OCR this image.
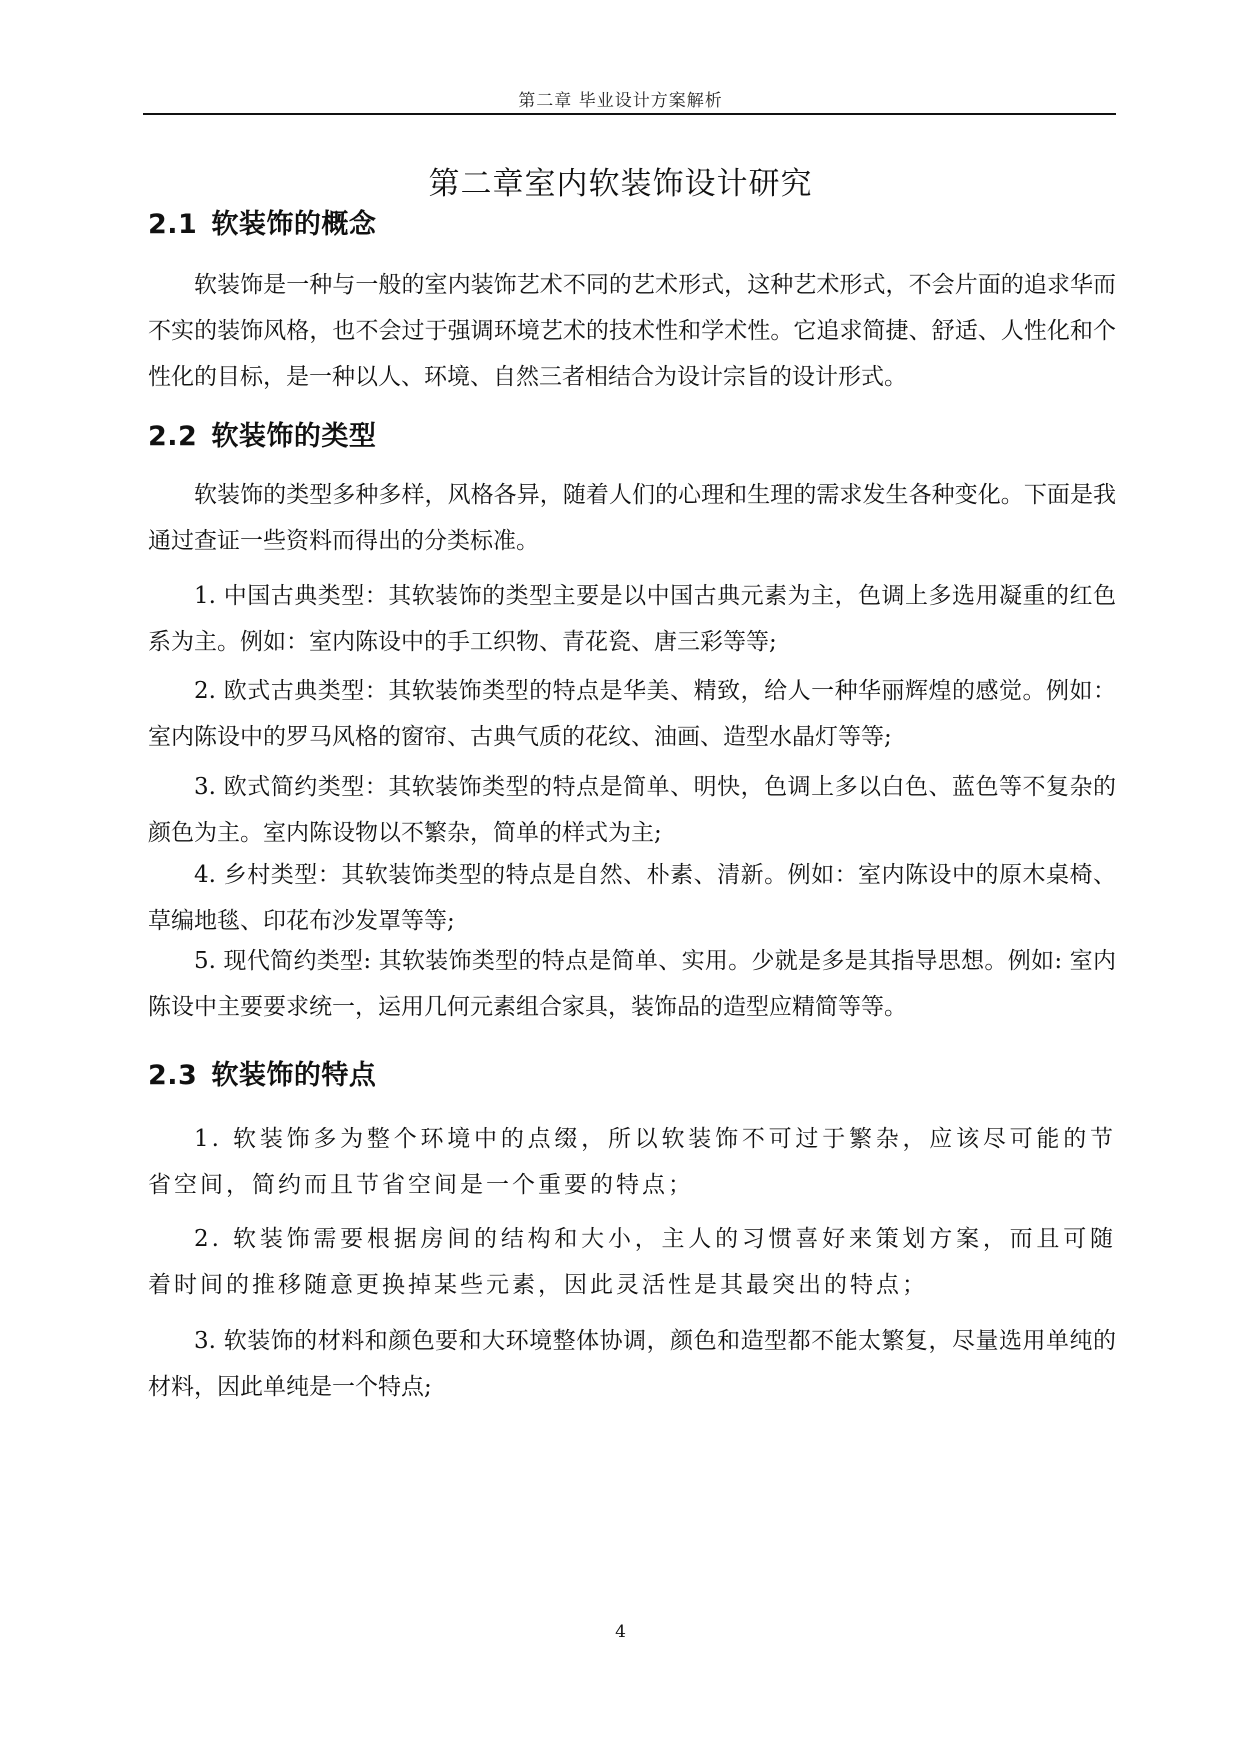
第二章 毕业设计方案解析
第二章室内软装饰设计研究
2.1 软装饰的概念

软装饰是一种与一般的室内装饰艺术不同的艺术形式，这种艺术形式，不会片面的追求华而不实的装饰风格，也不会过于强调环境艺术的技术性和学术性。它追求简捷、舒适、人性化和个性化的目标，是一种以人、环境、自然三者相结合为设计宗旨的设计形式。

2.2 软装饰的类型

软装饰的类型多种多样，风格各异，随着人们的心理和生理的需求发生各种变化。下面是我通过查证一些资料而得出的分类标准。

1. 中国古典类型：其软装饰的类型主要是以中国古典元素为主，色调上多选用凝重的红色系为主。例如：室内陈设中的手工织物、青花瓷、唐三彩等等;

2. 欧式古典类型：其软装饰类型的特点是华美、精致，给人一种华丽辉煌的感觉。例如：室内陈设中的罗马风格的窗帘、古典气质的花纹、油画、造型水晶灯等等;

3. 欧式简约类型：其软装饰类型的特点是简单、明快，色调上多以白色、蓝色等不复杂的颜色为主。室内陈设物以不繁杂，简单的样式为主;

4. 乡村类型：其软装饰类型的特点是自然、朴素、清新。例如：室内陈设中的原木桌椅、草编地毯、印花布沙发罩等等;

5. 现代简约类型: 其软装饰类型的特点是简单、实用。少就是多是其指导思想。例如: 室内陈设中主要要求统一，运用几何元素组合家具，装饰品的造型应精简等等。

2.3 软装饰的特点

1. 软装饰多为整个环境中的点缀，所以软装饰不可过于繁杂，应该尽可能的节省空间，简约而且节省空间是一个重要的特点；

2. 软装饰需要根据房间的结构和大小，主人的习惯喜好来策划方案，而且可随着时间的推移随意更换掉某些元素，因此灵活性是其最突出的特点；

3. 软装饰的材料和颜色要和大环境整体协调，颜色和造型都不能太繁复，尽量选用单纯的材料，因此单纯是一个特点;

4
